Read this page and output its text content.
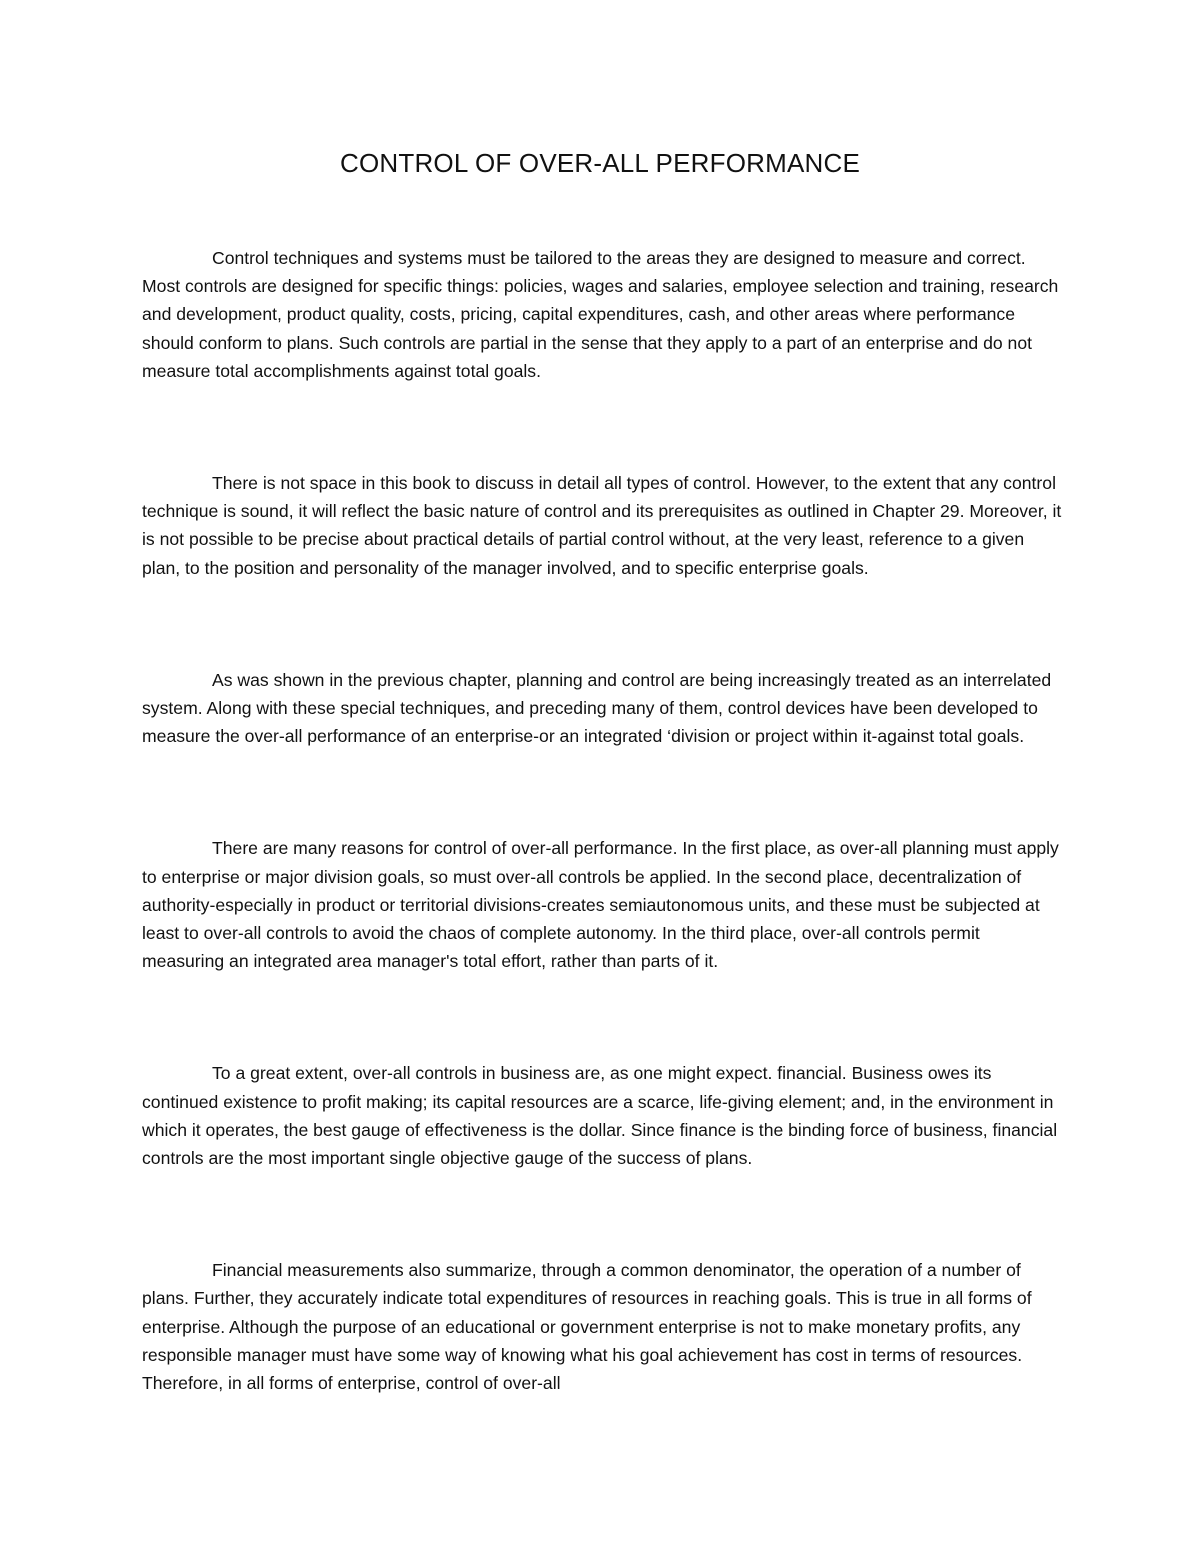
CONTROL OF OVER-ALL PERFORMANCE

Control techniques and systems must be tailored to the areas they are designed to measure and correct. Most controls are designed for specific things: policies, wages and salaries, employee selection and training, research and development, product quality, costs, pricing, capital expenditures, cash, and other areas where performance should conform to plans. Such controls are partial in the sense that they apply to a part of an enterprise and do not measure total accomplishments against total goals.

There is not space in this book to discuss in detail all types of control. However, to the extent that any control technique is sound, it will reflect the basic nature of control and its prerequisites as outlined in Chapter 29. Moreover, it is not possible to be precise about practical details of partial control without, at the very least, reference to a given plan, to the position and personality of the manager involved, and to specific enterprise goals.

As was shown in the previous chapter, planning and control are being increasingly treated as an interrelated system. Along with these special techniques, and preceding many of them, control devices have been developed to measure the over-all performance of an enterprise-or an integrated ‘division or project within it-against total goals.

There are many reasons for control of over-all performance. In the first place, as over-all planning must apply to enterprise or major division goals, so must over-all controls be applied. In the second place, decentralization of authority-especially in product or territorial divisions-creates semiautonomous units, and these must be subjected at least to over-all controls to avoid the chaos of complete autonomy. In the third place, over-all controls permit measuring an integrated area manager's total effort, rather than parts of it.

To a great extent, over-all controls in business are, as one might expect. financial. Business owes its continued existence to profit making; its capital resources are a scarce, life-giving element; and, in the environment in which it operates, the best gauge of effectiveness is the dollar. Since finance is the binding force of business, financial controls are the most important single objective gauge of the success of plans.

Financial measurements also summarize, through a common denominator, the operation of a number of plans. Further, they accurately indicate total expenditures of resources in reaching goals. This is true in all forms of enterprise. Although the purpose of an educational or government enterprise is not to make monetary profits, any responsible manager must have some way of knowing what his goal achievement has cost in terms of resources. Therefore, in all forms of enterprise, control of over-all
